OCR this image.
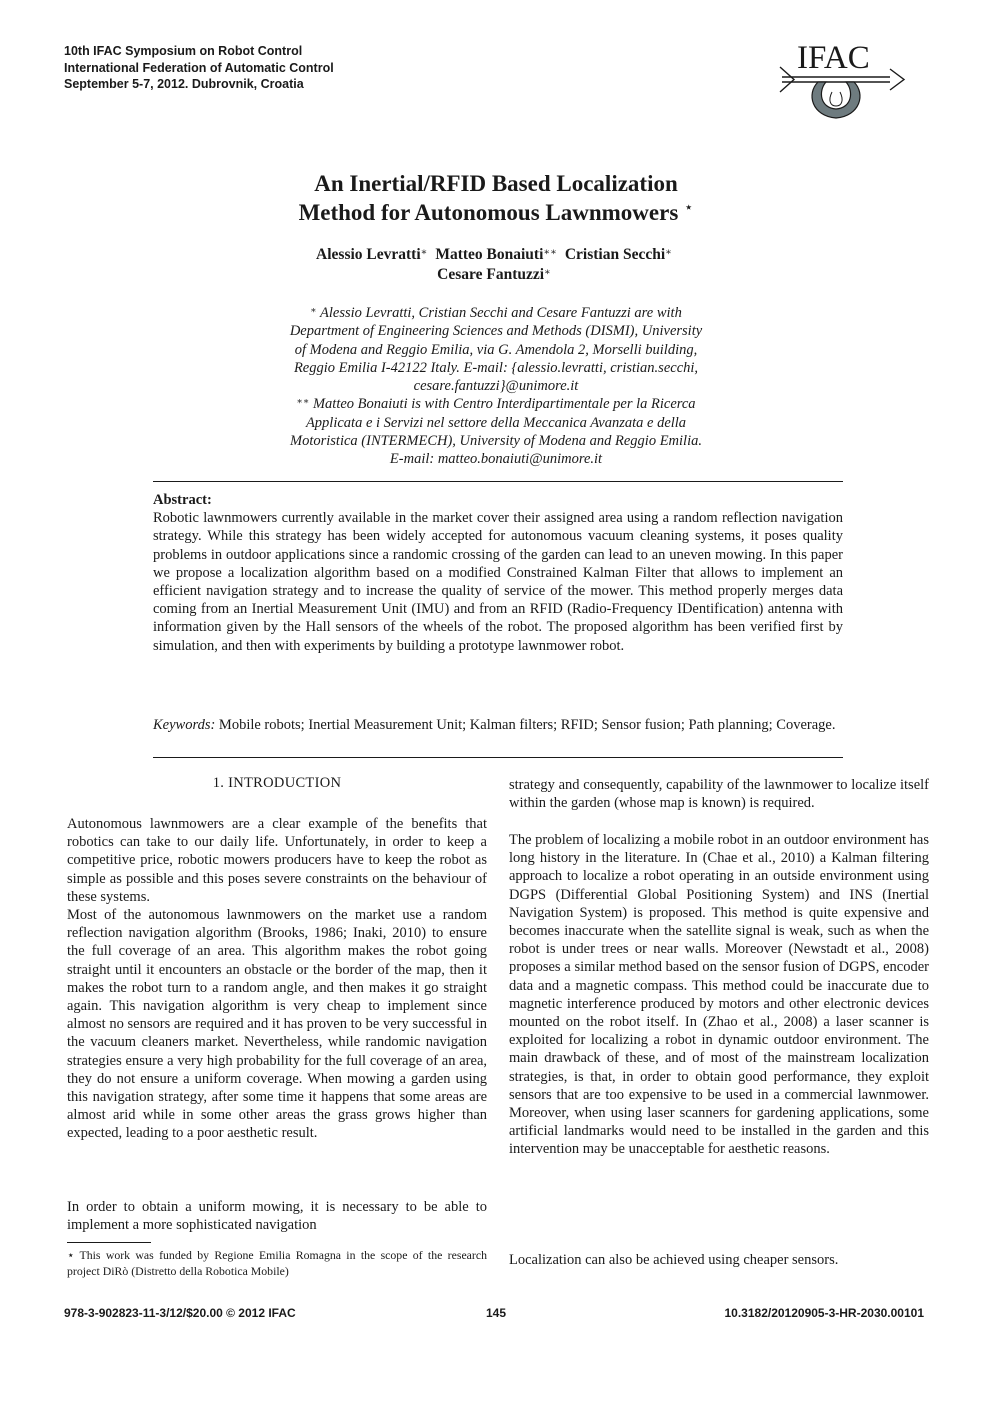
10th IFAC Symposium on Robot Control
International Federation of Automatic Control
September 5-7, 2012. Dubrovnik, Croatia
IFAC
An Inertial/RFID Based Localization
Method for Autonomous Lawnmowers ⋆
Alessio Levratti∗ Matteo Bonaiuti∗∗ Cristian Secchi∗
Cesare Fantuzzi∗
∗ Alessio Levratti, Cristian Secchi and Cesare Fantuzzi are with
Department of Engineering Sciences and Methods (DISMI), University
of Modena and Reggio Emilia, via G. Amendola 2, Morselli building,
Reggio Emilia I-42122 Italy. E-mail: {alessio.levratti, cristian.secchi,
cesare.fantuzzi}@unimore.it
∗∗ Matteo Bonaiuti is with Centro Interdipartimentale per la Ricerca
Applicata e i Servizi nel settore della Meccanica Avanzata e della
Motoristica (INTERMECH), University of Modena and Reggio Emilia.
E-mail: matteo.bonaiuti@unimore.it
Abstract:
Robotic lawnmowers currently available in the market cover their assigned area using a random reflection navigation strategy. While this strategy has been widely accepted for autonomous vacuum cleaning systems, it poses quality problems in outdoor applications since a randomic crossing of the garden can lead to an uneven mowing. In this paper we propose a localization algorithm based on a modified Constrained Kalman Filter that allows to implement an efficient navigation strategy and to increase the quality of service of the mower. This method properly merges data coming from an Inertial Measurement Unit (IMU) and from an RFID (Radio-Frequency IDentification) antenna with information given by the Hall sensors of the wheels of the robot. The proposed algorithm has been verified first by simulation, and then with experiments by building a prototype lawnmower robot.
Keywords: Mobile robots; Inertial Measurement Unit; Kalman filters; RFID; Sensor fusion; Path planning; Coverage.
1. INTRODUCTION
Autonomous lawnmowers are a clear example of the benefits that robotics can take to our daily life. Unfortunately, in order to keep a competitive price, robotic mowers producers have to keep the robot as simple as possible and this poses severe constraints on the behaviour of these systems.
Most of the autonomous lawnmowers on the market use a random reflection navigation algorithm (Brooks, 1986; Inaki, 2010) to ensure the full coverage of an area. This algorithm makes the robot going straight until it encounters an obstacle or the border of the map, then it makes the robot turn to a random angle, and then makes it go straight again. This navigation algorithm is very cheap to implement since almost no sensors are required and it has proven to be very successful in the vacuum cleaners market. Nevertheless, while randomic navigation strategies ensure a very high probability for the full coverage of an area, they do not ensure a uniform coverage. When mowing a garden using this navigation strategy, after some time it happens that some areas are almost arid while in some other areas the grass grows higher than expected, leading to a poor aesthetic result.
In order to obtain a uniform mowing, it is necessary to be able to implement a more sophisticated navigation
⋆ This work was funded by Regione Emilia Romagna in the scope of the research project DiRò (Distretto della Robotica Mobile)
strategy and consequently, capability of the lawnmower to localize itself within the garden (whose map is known) is required.
The problem of localizing a mobile robot in an outdoor environment has long history in the literature. In (Chae et al., 2010) a Kalman filtering approach to localize a robot operating in an outside environment using DGPS (Differential Global Positioning System) and INS (Inertial Navigation System) is proposed. This method is quite expensive and becomes inaccurate when the satellite signal is weak, such as when the robot is under trees or near walls. Moreover (Newstadt et al., 2008) proposes a similar method based on the sensor fusion of DGPS, encoder data and a magnetic compass. This method could be inaccurate due to magnetic interference produced by motors and other electronic devices mounted on the robot itself. In (Zhao et al., 2008) a laser scanner is exploited for localizing a robot in dynamic outdoor environment. The main drawback of these, and of most of the mainstream localization strategies, is that, in order to obtain good performance, they exploit sensors that are too expensive to be used in a commercial lawnmower. Moreover, when using laser scanners for gardening applications, some artificial landmarks would need to be installed in the garden and this intervention may be unacceptable for aesthetic reasons.
Localization can also be achieved using cheaper sensors.
978-3-902823-11-3/12/$20.00 © 2012 IFAC	145	10.3182/20120905-3-HR-2030.00101
